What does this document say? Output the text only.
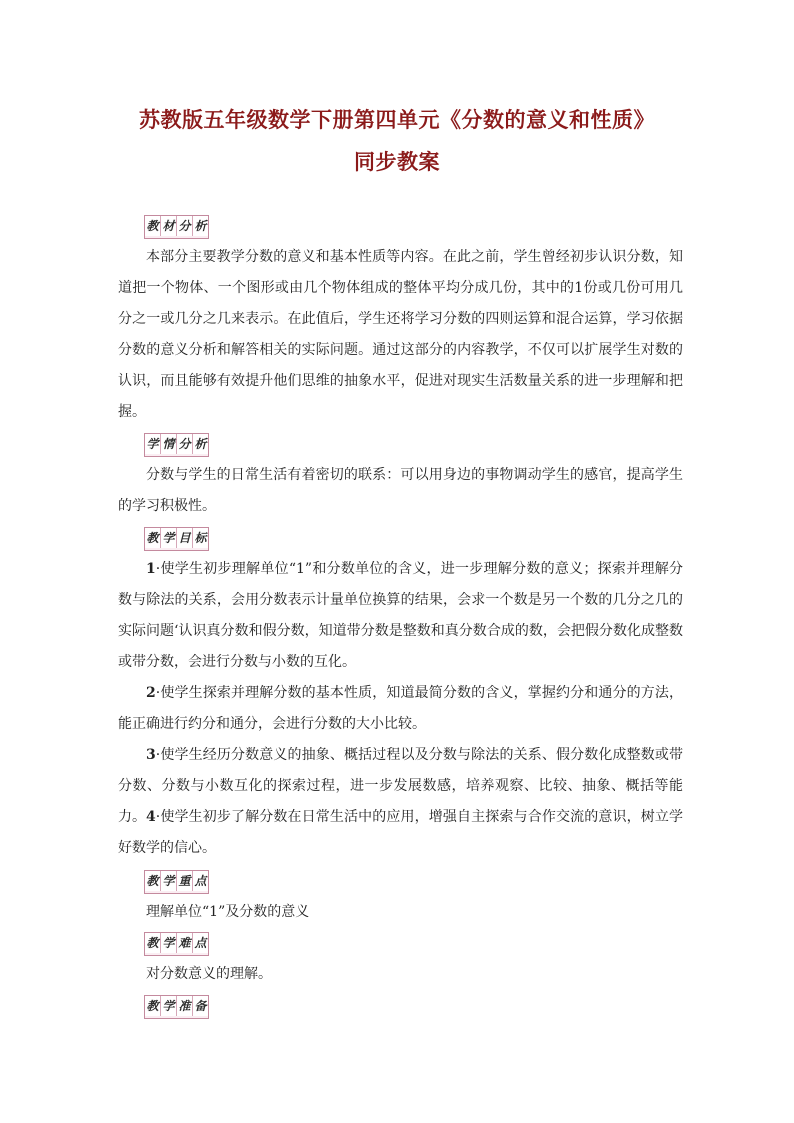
苏教版五年级数学下册第四单元《分数的意义和性质》
同步教案
教 材 分 析

本部分主要教学分数的意义和基本性质等内容。在此之前，学生曾经初步认识分数，知道把一个物体、一个图形或由几个物体组成的整体平均分成几份，其中的1份或几份可用几分之一或几分之几来表示。在此值后，学生还将学习分数的四则运算和混合运算，学习依据分数的意义分析和解答相关的实际问题。通过这部分的内容教学，不仅可以扩展学生对数的认识，而且能够有效提升他们思维的抽象水平，促进对现实生活数量关系的进一步理解和把握。

学 情 分 析

分数与学生的日常生活有着密切的联系：可以用身边的事物调动学生的感官，提高学生的学习积极性。

教 学 目 标

1·使学生初步理解单位“1”和分数单位的含义，进一步理解分数的意义；探索并理解分数与除法的关系，会用分数表示计量单位换算的结果，会求一个数是另一个数的几分之几的实际问题‘认识真分数和假分数，知道带分数是整数和真分数合成的数，会把假分数化成整数或带分数，会进行分数与小数的互化。

2·使学生探索并理解分数的基本性质，知道最简分数的含义，掌握约分和通分的方法，能正确进行约分和通分，会进行分数的大小比较。

3·使学生经历分数意义的抽象、概括过程以及分数与除法的关系、假分数化成整数或带分数、分数与小数互化的探索过程，进一步发展数感，培养观察、比较、抽象、概括等能力。 4·使学生初步了解分数在日常生活中的应用，增强自主探索与合作交流的意识，树立学好数学的信心。

教 学 重 点

理解单位“1”及分数的意义

教 学 难 点

对分数意义的理解。

教 学 准 备
